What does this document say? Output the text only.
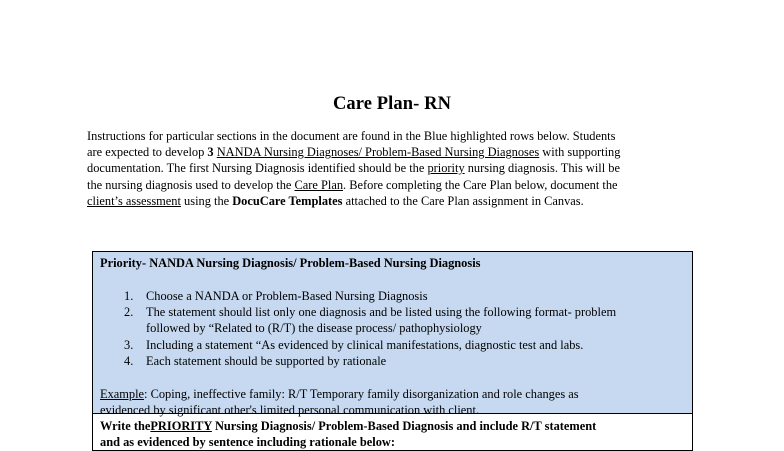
Care Plan- RN
Instructions for particular sections in the document are found in the Blue highlighted rows below. Students
are expected to develop 3 NANDA Nursing Diagnoses/ Problem-Based Nursing Diagnoses with supporting
documentation. The first Nursing Diagnosis identified should be the priority nursing diagnosis. This will be
the nursing diagnosis used to develop the Care Plan. Before completing the Care Plan below, document the
client’s assessment using the DocuCare Templates attached to the Care Plan assignment in Canvas.
Priority- NANDA Nursing Diagnosis/ Problem-Based Nursing Diagnosis
1. Choose a NANDA or Problem-Based Nursing Diagnosis
2. The statement should list only one diagnosis and be listed using the following format- problem
followed by “Related to (R/T) the disease process/ pathophysiology
3. Including a statement “As evidenced by clinical manifestations, diagnostic test and labs.
4. Each statement should be supported by rationale
Example: Coping, ineffective family: R/T Temporary family disorganization and role changes as
evidenced by significant other's limited personal communication with client.
Write thePRIORITY Nursing Diagnosis/ Problem-Based Diagnosis and include R/T statement
and as evidenced by sentence including rationale below:
